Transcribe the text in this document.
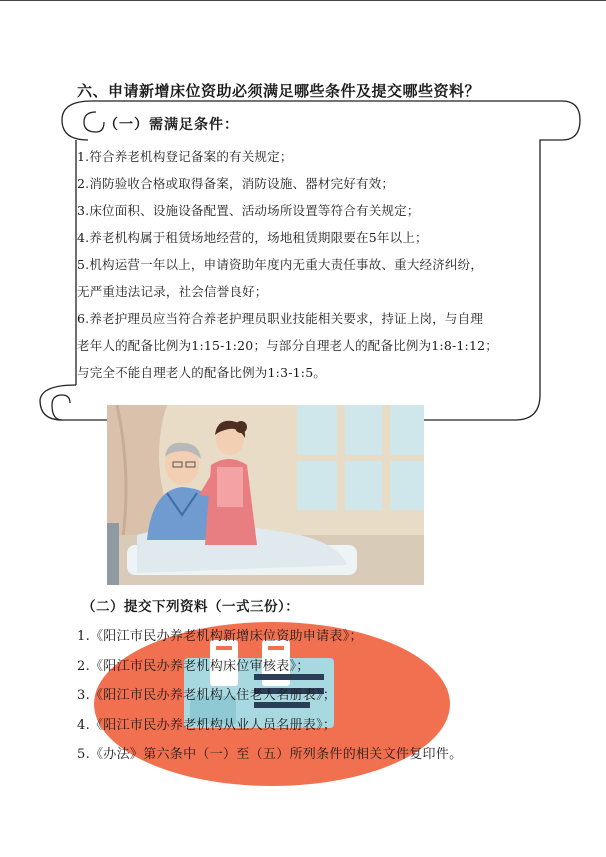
六、申请新增床位资助必须满足哪些条件及提交哪些资料？
（一）需满足条件：
1.符合养老机构登记备案的有关规定；
2.消防验收合格或取得备案，消防设施、器材完好有效；
3.床位面积、设施设备配置、活动场所设置等符合有关规定；
4.养老机构属于租赁场地经营的，场地租赁期限要在5年以上；
5.机构运营一年以上，申请资助年度内无重大责任事故、重大经济纠纷，
无严重违法记录，社会信誉良好；
6.养老护理员应当符合养老护理员职业技能相关要求，持证上岗，与自理
老年人的配备比例为1:15-1:20；与部分自理老人的配备比例为1:8-1:12；
与完全不能自理老人的配备比例为1:3-1:5。
（二）提交下列资料（一式三份）：
1.《阳江市民办养老机构新增床位资助申请表》；
2.《阳江市民办养老机构床位审核表》；
3.《阳江市民办养老机构入住老人名册表》；
4.《阳江市民办养老机构从业人员名册表》；
5.《办法》第六条中（一）至（五）所列条件的相关文件复印件。
